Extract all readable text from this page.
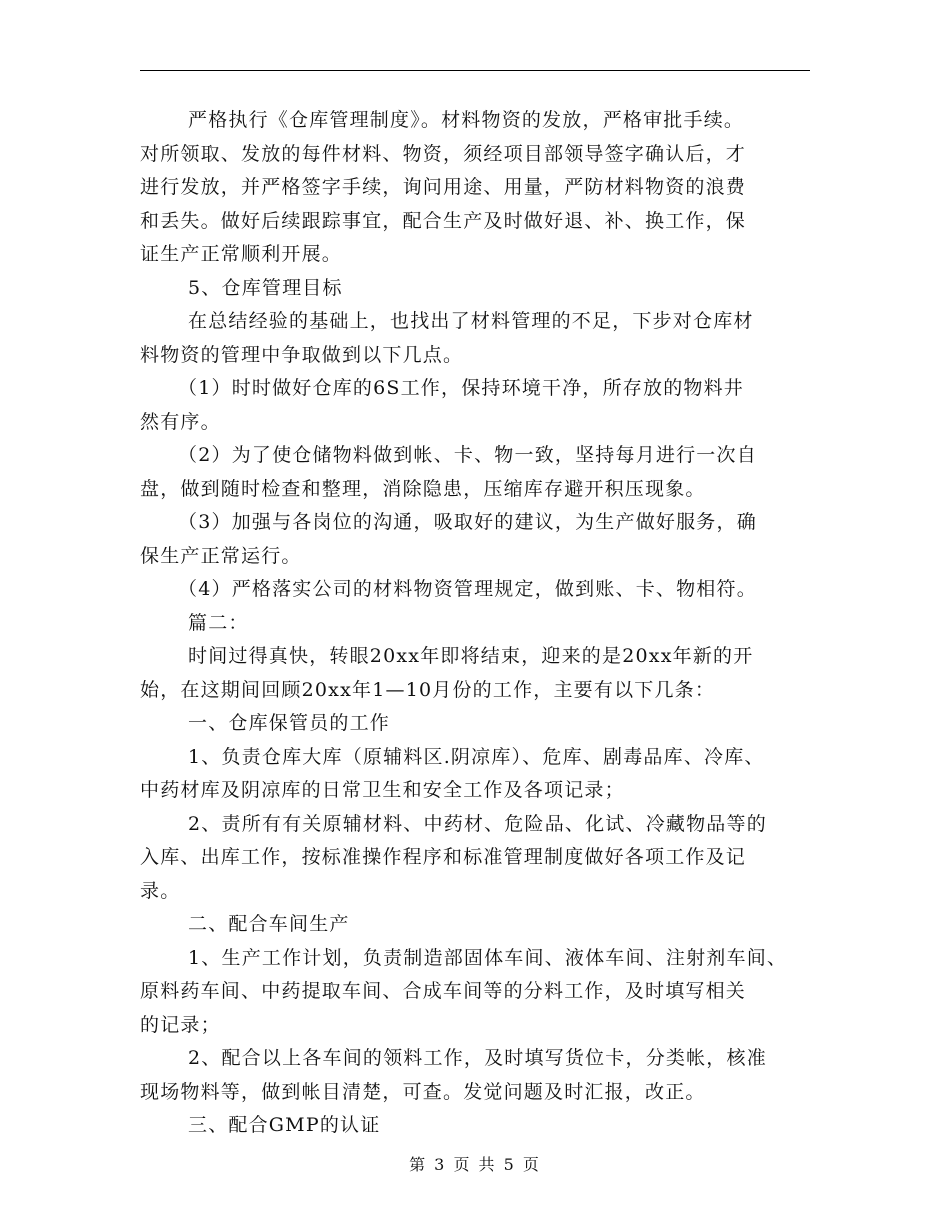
严格执行《仓库管理制度》。材料物资的发放，严格审批手续。
对所领取、发放的每件材料、物资，须经项目部领导签字确认后，才
进行发放，并严格签字手续，询问用途、用量，严防材料物资的浪费
和丢失。做好后续跟踪事宜，配合生产及时做好退、补、换工作，保
证生产正常顺利开展。
5、仓库管理目标
在总结经验的基础上，也找出了材料管理的不足，下步对仓库材
料物资的管理中争取做到以下几点。
（1）时时做好仓库的6S工作，保持环境干净，所存放的物料井
然有序。
（2）为了使仓储物料做到帐、卡、物一致，坚持每月进行一次自
盘，做到随时检查和整理，消除隐患，压缩库存避开积压现象。
（3）加强与各岗位的沟通，吸取好的建议，为生产做好服务，确
保生产正常运行。
（4）严格落实公司的材料物资管理规定，做到账、卡、物相符。
篇二：
时间过得真快，转眼20xx年即将结束，迎来的是20xx年新的开
始，在这期间回顾20xx年1—10月份的工作，主要有以下几条：
一、仓库保管员的工作
1、负责仓库大库（原辅料区.阴凉库）、危库、剧毒品库、冷库、
中药材库及阴凉库的日常卫生和安全工作及各项记录；
2、责所有有关原辅材料、中药材、危险品、化试、冷藏物品等的
入库、出库工作，按标准操作程序和标准管理制度做好各项工作及记
录。
二、配合车间生产
1、生产工作计划，负责制造部固体车间、液体车间、注射剂车间、
原料药车间、中药提取车间、合成车间等的分料工作，及时填写相关
的记录；
2、配合以上各车间的领料工作，及时填写货位卡，分类帐，核准
现场物料等，做到帐目清楚，可查。发觉问题及时汇报，改正。
三、配合GMP的认证
第 3 页 共 5 页
